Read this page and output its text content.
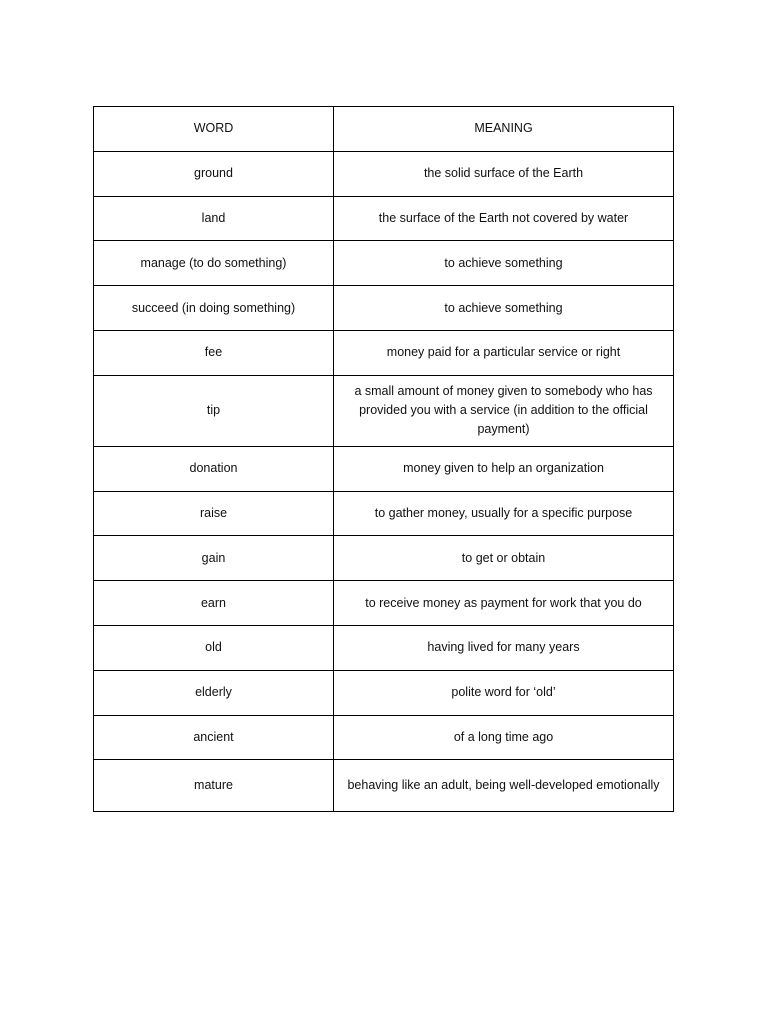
WORD	MEANING
ground	the solid surface of the Earth
land	the surface of the Earth not covered by water
manage (to do something)	to achieve something
succeed (in doing something)	to achieve something
fee	money paid for a particular service or right
tip	a small amount of money given to somebody who has provided you with a service (in addition to the official payment)
donation	money given to help an organization
raise	to gather money, usually for a specific purpose
gain	to get or obtain
earn	to receive money as payment for work that you do
old	having lived for many years
elderly	polite word for ‘old’
ancient	of a long time ago
mature	behaving like an adult, being well-developed emotionally
